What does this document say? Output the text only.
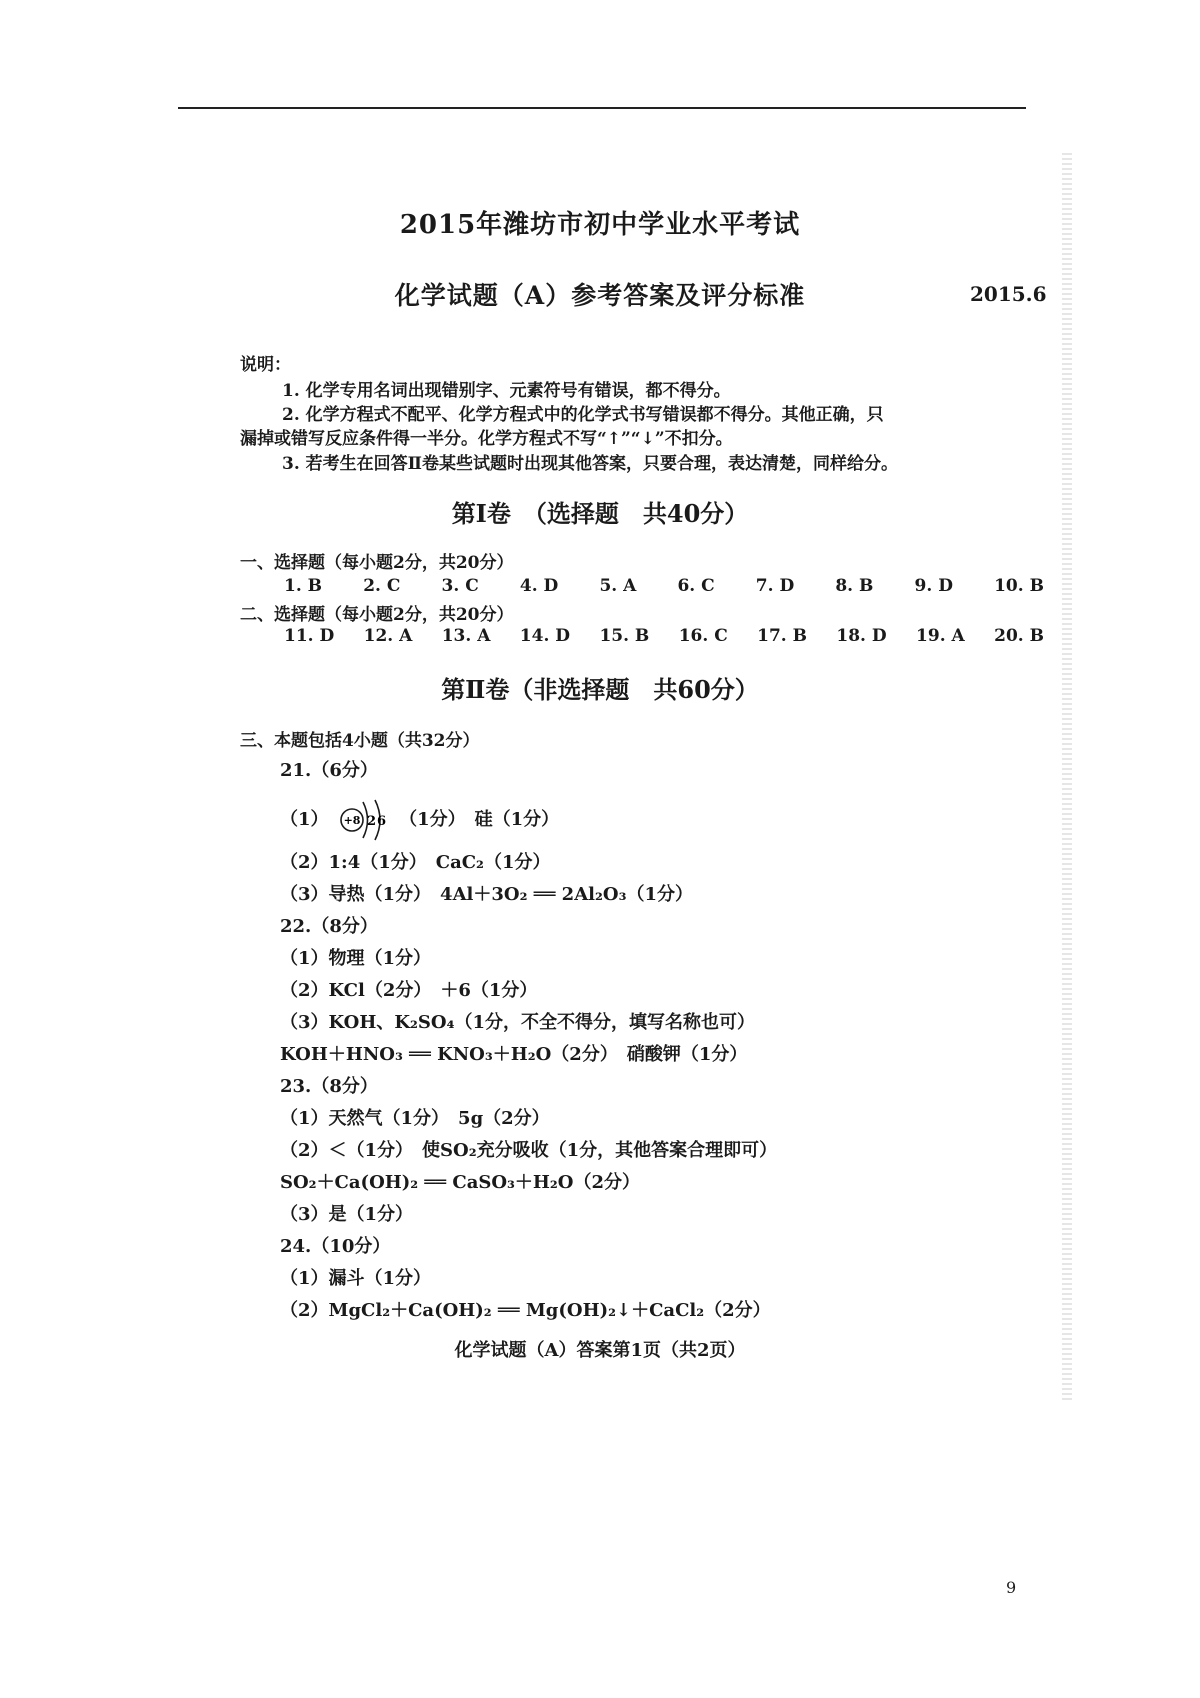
2015年潍坊市初中学业水平考试
化学试题（A）参考答案及评分标准	2015.6
说明：
1. 化学专用名词出现错别字、元素符号有错误，都不得分。
2. 化学方程式不配平、化学方程式中的化学式书写错误都不得分。其他正确，只
漏掉或错写反应条件得一半分。化学方程式不写“↑”“↓”不扣分。
3. 若考生在回答Ⅱ卷某些试题时出现其他答案，只要合理，表达清楚，同样给分。
第Ⅰ卷　（选择题　共40分）
一、选择题（每小题2分，共20分）
1. B 2. C 3. C 4. D 5. A 6. C 7. D 8. B 9. D 10. B
二、选择题（每小题2分，共20分）
11. D 12. A 13. A 14. D 15. B 16. C 17. B 18. D 19. A 20. B
第Ⅱ卷（非选择题　共60分）
三、本题包括4小题（共32分）
21.（6分）
（1） +8 2 6 （1分）　硅（1分）
（2）1:4（1分）　CaC₂（1分）
（3）导热（1分）　4Al＋3O₂ ══ 2Al₂O₃（1分）
22.（8分）
（1）物理（1分）
（2）KCl（2分）　＋6（1分）
（3）KOH、K₂SO₄（1分，不全不得分，填写名称也可）
KOH＋HNO₃ ══ KNO₃＋H₂O（2分）　硝酸钾（1分）
23.（8分）
（1）天然气（1分）　5g（2分）
（2）＜（1分）　使SO₂充分吸收（1分，其他答案合理即可）
SO₂＋Ca(OH)₂ ══ CaSO₃＋H₂O（2分）
（3）是（1分）
24.（10分）
（1）漏斗（1分）
（2）MgCl₂＋Ca(OH)₂ ══ Mg(OH)₂↓＋CaCl₂（2分）
化学试题（A）答案第1页（共2页）
9
